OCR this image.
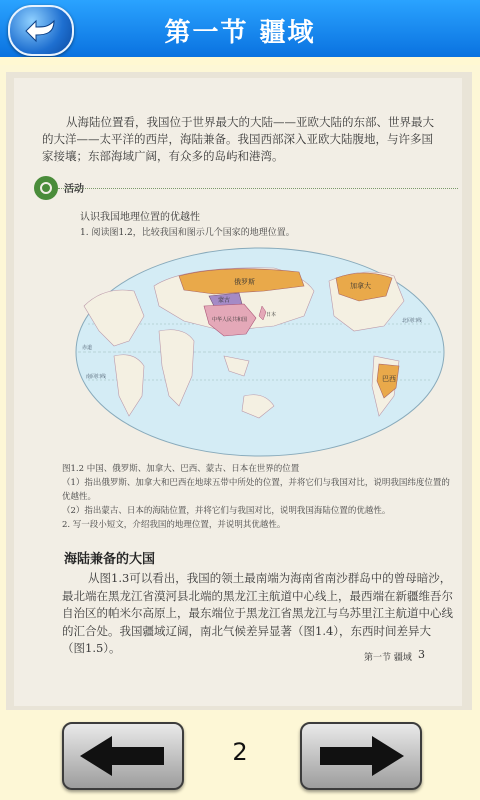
第一节 疆域
从海陆位置看，我国位于世界最大的大陆——亚欧大陆的东部、世界最大的大洋——太平洋的西岸，海陆兼备。我国西部深入亚欧大陆腹地，与许多国家接壤；东部海域广阔，有众多的岛屿和港湾。
活动
认识我国地理位置的优越性
1. 阅读图1.2，比较我国和图示几个国家的地理位置。
俄罗斯
蒙古
中华人民共和国
日本
加拿大
巴西
赤道
北回归线
南回归线
图1.2 中国、俄罗斯、加拿大、巴西、蒙古、日本在世界的位置
（1）指出俄罗斯、加拿大和巴西在地球五带中所处的位置，并将它们与我国对比，说明我国纬度位置的优越性。
（2）指出蒙古、日本的海陆位置，并将它们与我国对比，说明我国海陆位置的优越性。
2. 写一段小短文，介绍我国的地理位置，并说明其优越性。
海陆兼备的大国
从图1.3可以看出，我国的领土最南端为海南省南沙群岛中的曾母暗沙，最北端在黑龙江省漠河县北端的黑龙江主航道中心线上，最西端在新疆维吾尔自治区的帕米尔高原上，最东端位于黑龙江省黑龙江与乌苏里江主航道中心线的汇合处。我国疆域辽阔，南北气候差异显著（图1.4），东西时间差异大（图1.5）。
第一节 疆域 3
2
